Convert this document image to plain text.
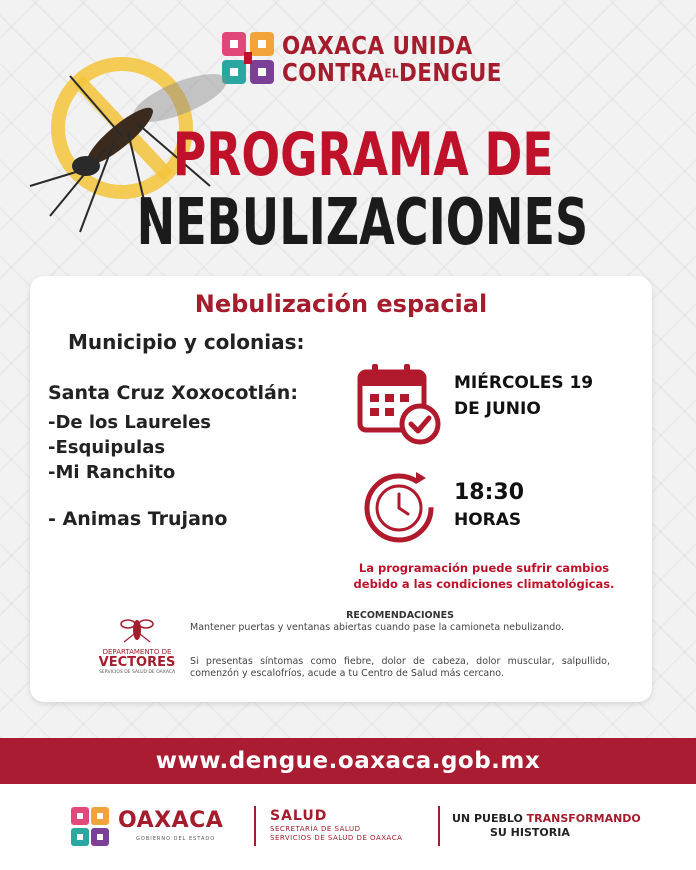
OAXACA UNIDA
CONTRAELDENGUE
PROGRAMA DE
NEBULIZACIONES
Nebulización espacial
Municipio y colonias:
Santa Cruz Xoxocotlán:
-De los Laureles
-Esquipulas
-Mi Ranchito
- Animas Trujano
MIÉRCOLES 19
DE JUNIO
18:30
HORAS
La programación puede sufrir cambios
debido a las condiciones climatológicas.
DEPARTAMENTO DE
VECTORES
SERVICIOS DE SALUD DE OAXACA
RECOMENDACIONES
Mantener puertas y ventanas abiertas cuando pase la camioneta nebulizando.
Si presentas síntomas como fiebre, dolor de cabeza, dolor muscular, salpullido, comenzón y escalofríos, acude a tu Centro de Salud más cercano.
www.dengue.oaxaca.gob.mx
OAXACA
GOBIERNO DEL ESTADO
SALUD
SECRETARÍA DE SALUD
SERVICIOS DE SALUD DE OAXACA
UN PUEBLO TRANSFORMANDO
SU HISTORIA
